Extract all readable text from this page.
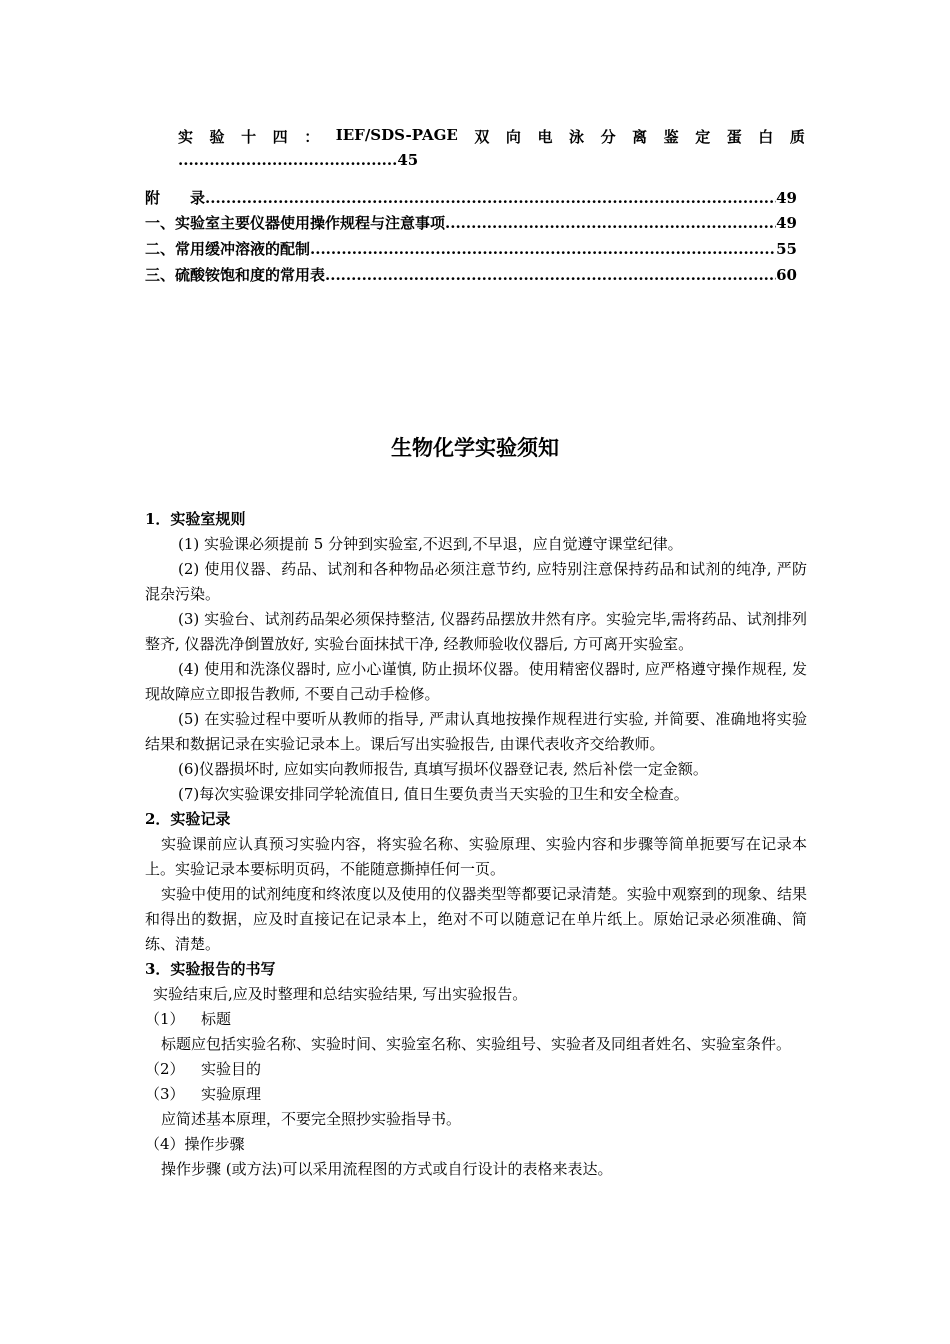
实 验 十 四 ： IEF/SDS-PAGE 双 向 电 泳 分 离 鉴 定 蛋 白 质
..........................................45
附　　录 .....	49
一、实验室主要仪器使用操作规程与注意事项 .....	49
二、常用缓冲溶液的配制 .....	55
三、硫酸铵饱和度的常用表 .....	60
生物化学实验须知
1．实验室规则
(1) 实验课必须提前 5 分钟到实验室,不迟到,不早退，应自觉遵守课堂纪律。
(2) 使用仪器、药品、试剂和各种物品必须注意节约, 应特别注意保持药品和试剂的纯净, 严防混杂污染。
(3) 实验台、试剂药品架必须保持整洁, 仪器药品摆放井然有序。实验完毕,需将药品、试剂排列整齐, 仪器洗净倒置放好, 实验台面抹拭干净, 经教师验收仪器后, 方可离开实验室。
(4) 使用和洗涤仪器时, 应小心谨慎, 防止损坏仪器。使用精密仪器时, 应严格遵守操作规程, 发现故障应立即报告教师, 不要自己动手检修。
(5) 在实验过程中要听从教师的指导, 严肃认真地按操作规程进行实验, 并简要、准确地将实验结果和数据记录在实验记录本上。课后写出实验报告, 由课代表收齐交给教师。
(6)仪器损坏时, 应如实向教师报告, 真填写损坏仪器登记表, 然后补偿一定金额。
(7)每次实验课安排同学轮流值日, 值日生要负责当天实验的卫生和安全检查。
2．实验记录
实验课前应认真预习实验内容，将实验名称、实验原理、实验内容和步骤等简单扼要写在记录本上。实验记录本要标明页码，不能随意撕掉任何一页。
实验中使用的试剂纯度和终浓度以及使用的仪器类型等都要记录清楚。实验中观察到的现象、结果和得出的数据，应及时直接记在记录本上，绝对不可以随意记在单片纸上。原始记录必须准确、简练、清楚。
3．实验报告的书写
实验结束后,应及时整理和总结实验结果, 写出实验报告。
（1） 标题
标题应包括实验名称、实验时间、实验室名称、实验组号、实验者及同组者姓名、实验室条件。
（2） 实验目的
（3） 实验原理
应简述基本原理，不要完全照抄实验指导书。
（4）操作步骤
操作步骤 (或方法)可以采用流程图的方式或自行设计的表格来表达。
